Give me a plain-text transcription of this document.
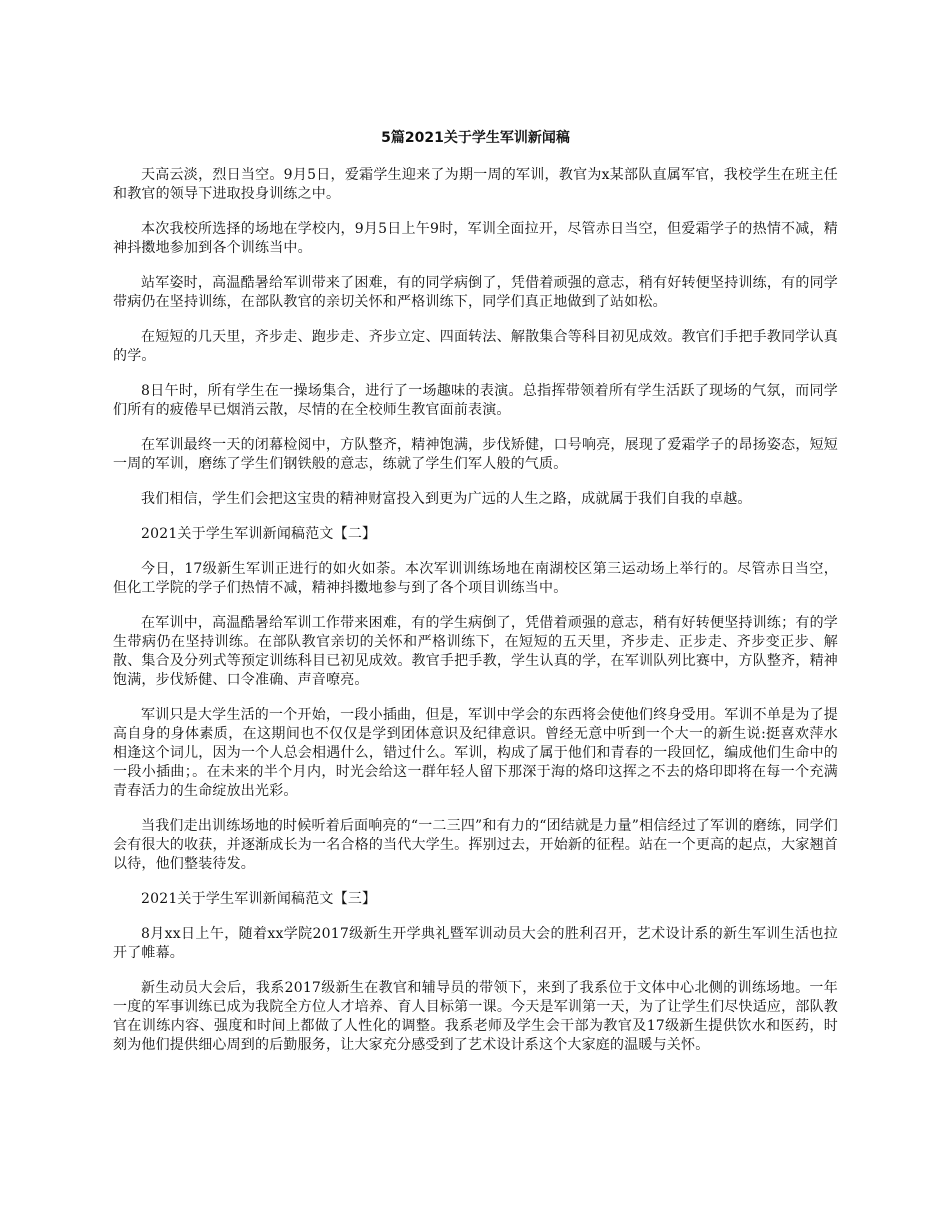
5篇2021关于学生军训新闻稿

天高云淡，烈日当空。9月5日，爱霜学生迎来了为期一周的军训，教官为x某部队直属军官，我校学生在班主任和教官的领导下进取投身训练之中。

本次我校所选择的场地在学校内，9月5日上午9时，军训全面拉开，尽管赤日当空，但爱霜学子的热情不减，精神抖擞地参加到各个训练当中。

站军姿时，高温酷暑给军训带来了困难，有的同学病倒了，凭借着顽强的意志，稍有好转便坚持训练，有的同学带病仍在坚持训练，在部队教官的亲切关怀和严格训练下，同学们真正地做到了站如松。

在短短的几天里，齐步走、跑步走、齐步立定、四面转法、解散集合等科目初见成效。教官们手把手教同学认真的学。

8日午时，所有学生在一操场集合，进行了一场趣味的表演。总指挥带领着所有学生活跃了现场的气氛，而同学们所有的疲倦早已烟消云散，尽情的在全校师生教官面前表演。

在军训最终一天的闭幕检阅中，方队整齐，精神饱满，步伐矫健，口号响亮，展现了爱霜学子的昂扬姿态，短短一周的军训，磨练了学生们钢铁般的意志，练就了学生们军人般的气质。

我们相信，学生们会把这宝贵的精神财富投入到更为广远的人生之路，成就属于我们自我的卓越。

2021关于学生军训新闻稿范文【二】

今日，17级新生军训正进行的如火如荼。本次军训训练场地在南湖校区第三运动场上举行的。尽管赤日当空，但化工学院的学子们热情不减，精神抖擞地参与到了各个项目训练当中。

在军训中，高温酷暑给军训工作带来困难，有的学生病倒了，凭借着顽强的意志，稍有好转便坚持训练；有的学生带病仍在坚持训练。在部队教官亲切的关怀和严格训练下，在短短的五天里，齐步走、正步走、齐步变正步、解散、集合及分列式等预定训练科目已初见成效。教官手把手教，学生认真的学，在军训队列比赛中，方队整齐，精神饱满，步伐矫健、口令准确、声音嘹亮。

军训只是大学生活的一个开始，一段小插曲，但是，军训中学会的东西将会使他们终身受用。军训不单是为了提高自身的身体素质，在这期间也不仅仅是学到团体意识及纪律意识。曾经无意中听到一个大一的新生说:挺喜欢萍水相逢这个词儿，因为一个人总会相遇什么，错过什么。军训，构成了属于他们和青春的一段回忆，编成他们生命中的一段小插曲；。在未来的半个月内，时光会给这一群年轻人留下那深于海的烙印这挥之不去的烙印即将在每一个充满青春活力的生命绽放出光彩。

当我们走出训练场地的时候听着后面响亮的“一二三四”和有力的“团结就是力量”相信经过了军训的磨练，同学们会有很大的收获，并逐渐成长为一名合格的当代大学生。挥别过去，开始新的征程。站在一个更高的起点，大家翘首以待，他们整装待发。

2021关于学生军训新闻稿范文【三】

8月xx日上午，随着xx学院2017级新生开学典礼暨军训动员大会的胜利召开，艺术设计系的新生军训生活也拉开了帷幕。

新生动员大会后，我系2017级新生在教官和辅导员的带领下，来到了我系位于文体中心北侧的训练场地。一年一度的军事训练已成为我院全方位人才培养、育人目标第一课。今天是军训第一天，为了让学生们尽快适应，部队教官在训练内容、强度和时间上都做了人性化的调整。我系老师及学生会干部为教官及17级新生提供饮水和医药，时刻为他们提供细心周到的后勤服务，让大家充分感受到了艺术设计系这个大家庭的温暖与关怀。
